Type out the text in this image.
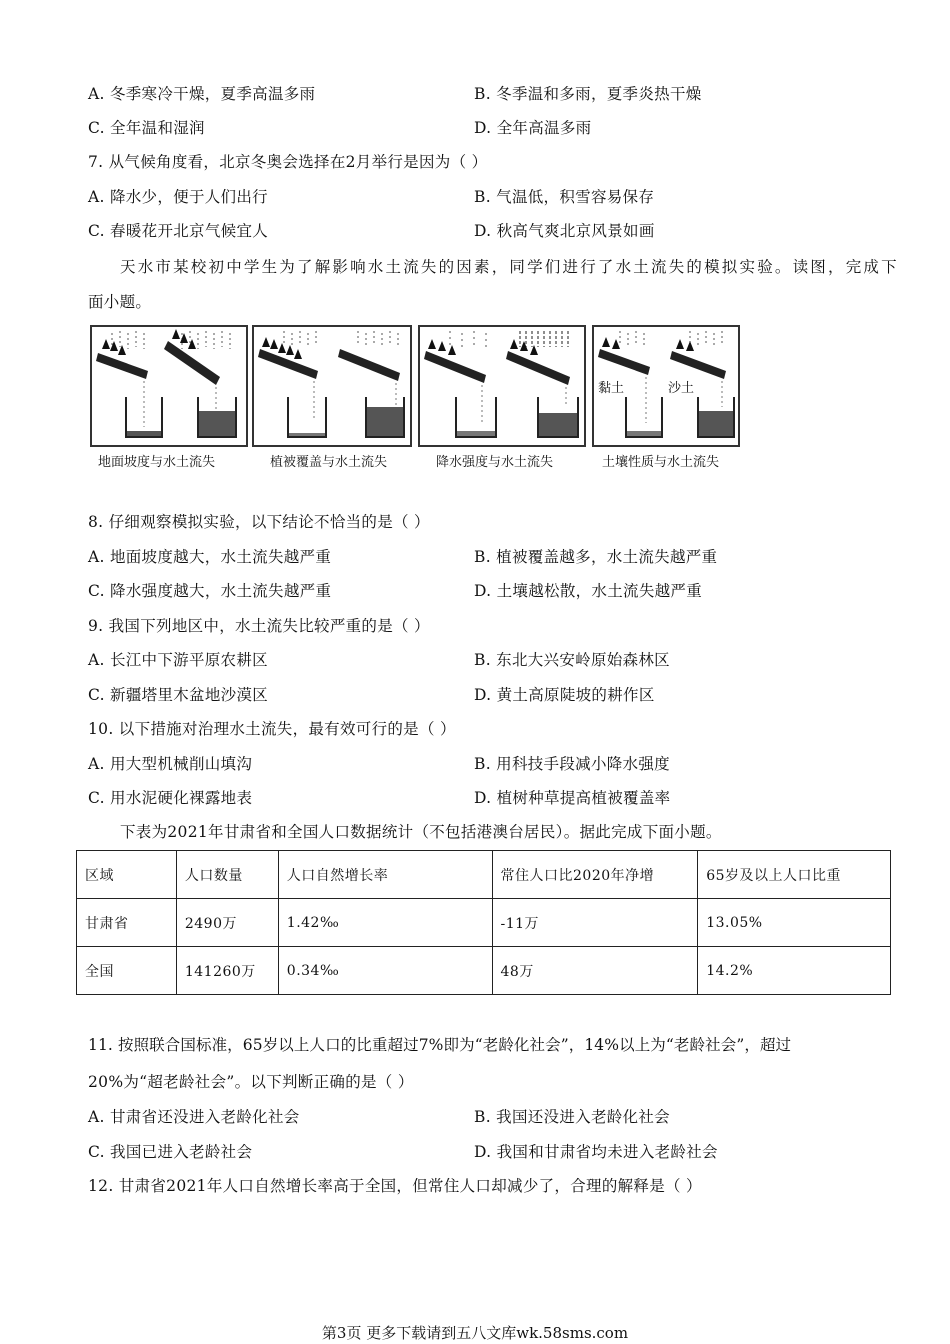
A. 冬季寒冷干燥，夏季高温多雨	B. 冬季温和多雨，夏季炎热干燥
C. 全年温和湿润	D. 全年高温多雨
7. 从气候角度看，北京冬奥会选择在2月举行是因为（ ）
A. 降水少，便于人们出行	B. 气温低，积雪容易保存
C. 春暖花开北京气候宜人	D. 秋高气爽北京风景如画
天水市某校初中学生为了解影响水土流失的因素，同学们进行了水土流失的模拟实验。读图，完成下
面小题。
黏土	沙土
地面坡度与水土流失	植被覆盖与水土流失	降水强度与水土流失	土壤性质与水土流失
8. 仔细观察模拟实验，以下结论不恰当的是（ ）
A. 地面坡度越大，水土流失越严重	B. 植被覆盖越多，水土流失越严重
C. 降水强度越大，水土流失越严重	D. 土壤越松散，水土流失越严重
9. 我国下列地区中，水土流失比较严重的是（ ）
A. 长江中下游平原农耕区	B. 东北大兴安岭原始森林区
C. 新疆塔里木盆地沙漠区	D. 黄土高原陡坡的耕作区
10. 以下措施对治理水土流失，最有效可行的是（ ）
A. 用大型机械削山填沟	B. 用科技手段减小降水强度
C. 用水泥硬化裸露地表	D. 植树种草提高植被覆盖率
下表为2021年甘肃省和全国人口数据统计（不包括港澳台居民）。据此完成下面小题。
区域	人口数量	人口自然增长率	常住人口比2020年净增	65岁及以上人口比重
甘肃省	2490万	1.42‰	-11万	13.05%
全国	141260万	0.34‰	48万	14.2%
11. 按照联合国标准，65岁以上人口的比重超过7%即为“老龄化社会”，14%以上为“老龄社会”，超过
20%为“超老龄社会”。以下判断正确的是（ ）
A. 甘肃省还没进入老龄化社会	B. 我国还没进入老龄化社会
C. 我国已进入老龄社会	D. 我国和甘肃省均未进入老龄社会
12. 甘肃省2021年人口自然增长率高于全国，但常住人口却减少了，合理的解释是（ ）
第3页 更多下载请到五八文库wk.58sms.com
